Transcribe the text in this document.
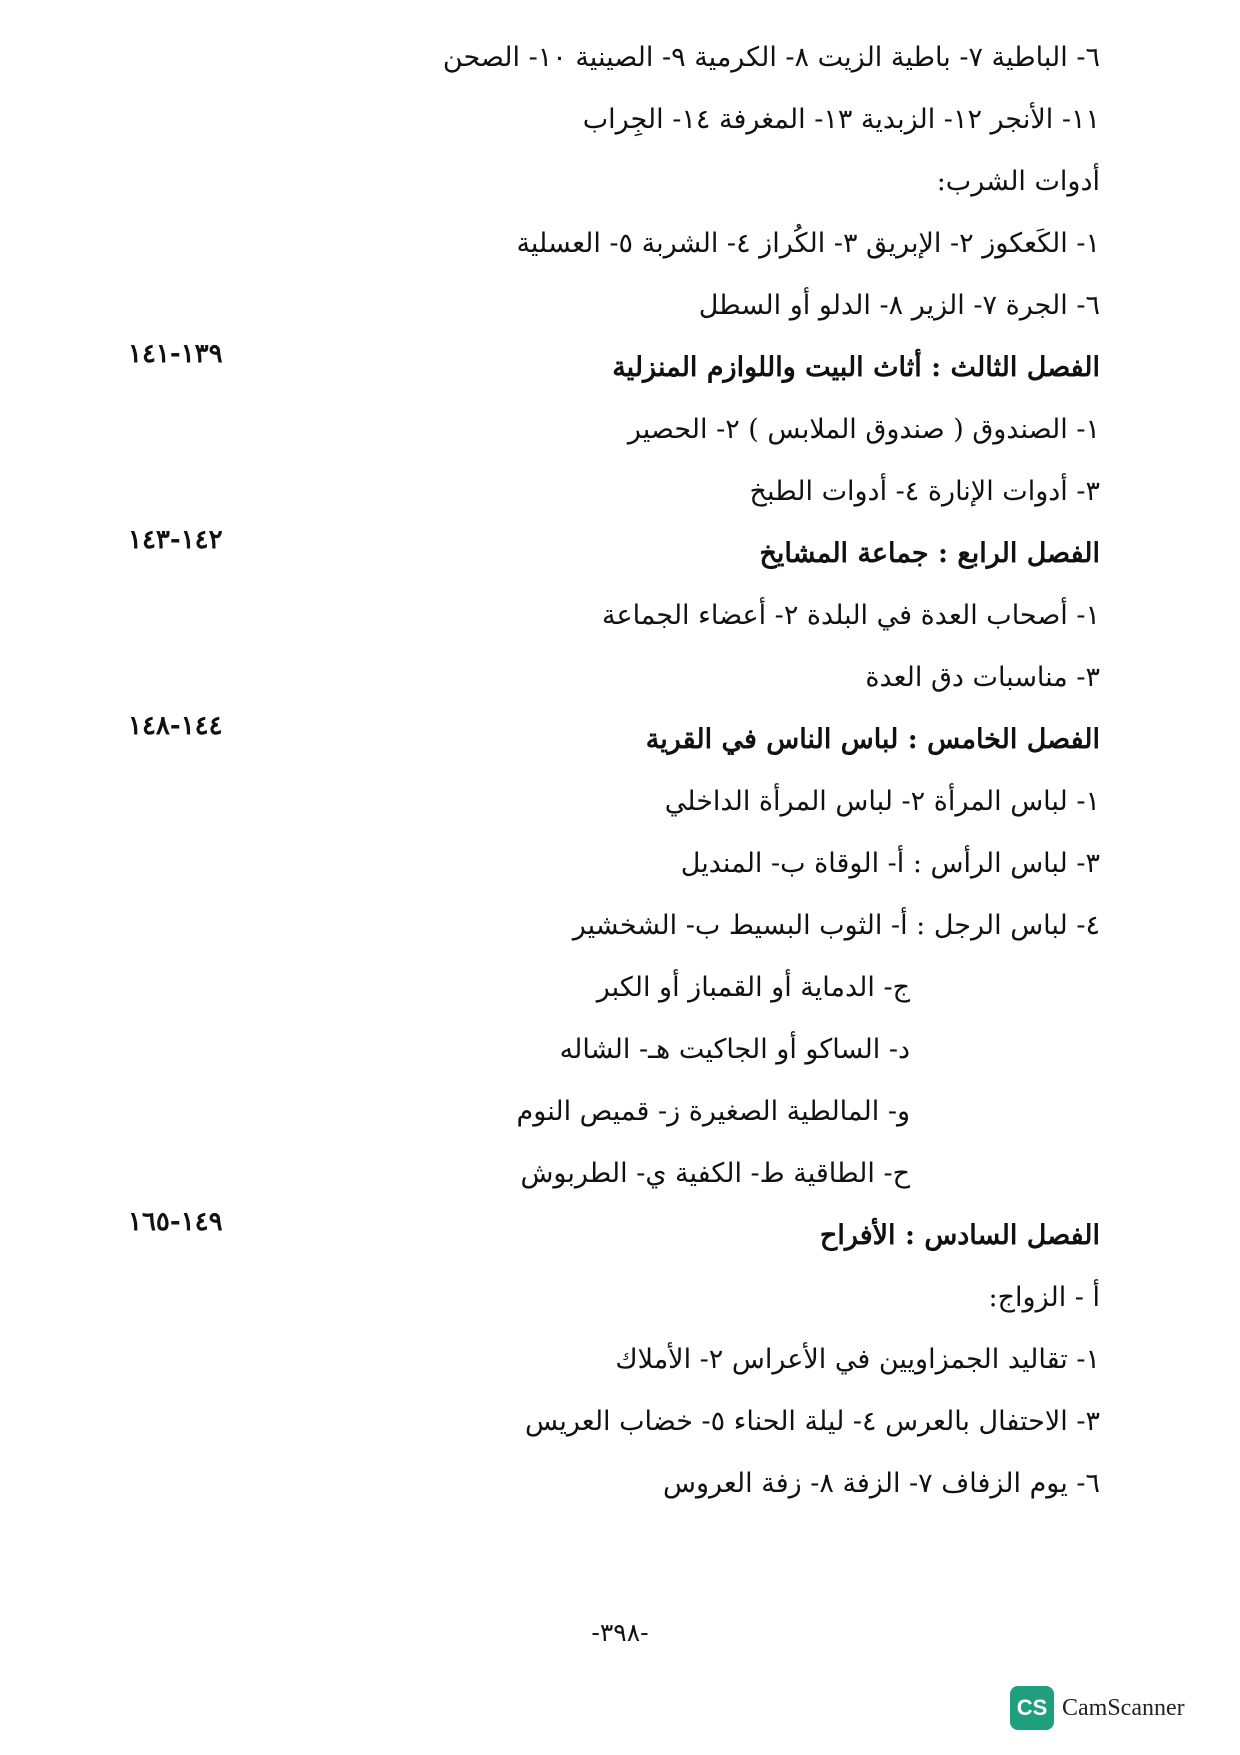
٦- الباطية ٧- باطية الزيت ٨- الكرمية ٩- الصينية ١٠- الصحن
١١- الأنجر ١٢- الزبدية ١٣- المغرفة ١٤- الجِراب
أدوات الشرب:
١- الكَعكوز ٢- الإبريق ٣- الكُراز ٤- الشربة ٥- العسلية
٦- الجرة ٧- الزير ٨- الدلو أو السطل
الفصل الثالث : أثاث البيت واللوازم المنزلية
١٣٩-١٤١
١- الصندوق ( صندوق الملابس ) ٢- الحصير
٣- أدوات الإنارة ٤- أدوات الطبخ
الفصل الرابع : جماعة المشايخ
١٤٢-١٤٣
١- أصحاب العدة في البلدة ٢- أعضاء الجماعة
٣- مناسبات دق العدة
الفصل الخامس : لباس الناس في القرية
١٤٤-١٤٨
١- لباس المرأة ٢- لباس المرأة الداخلي
٣- لباس الرأس : أ- الوقاة ب- المنديل
٤- لباس الرجل : أ- الثوب البسيط ب- الشخشير
ج- الدماية أو القمباز أو الكبر
د- الساكو أو الجاكيت هـ- الشاله
و- المالطية الصغيرة ز- قميص النوم
ح- الطاقية ط- الكفية ي- الطربوش
الفصل السادس : الأفراح
١٤٩-١٦٥
أ - الزواج:
١- تقاليد الجمزاويين في الأعراس ٢- الأملاك
٣- الاحتفال بالعرس ٤- ليلة الحناء ٥- خضاب العريس
٦- يوم الزفاف ٧- الزفة ٨- زفة العروس
-٣٩٨-
CS CamScanner
